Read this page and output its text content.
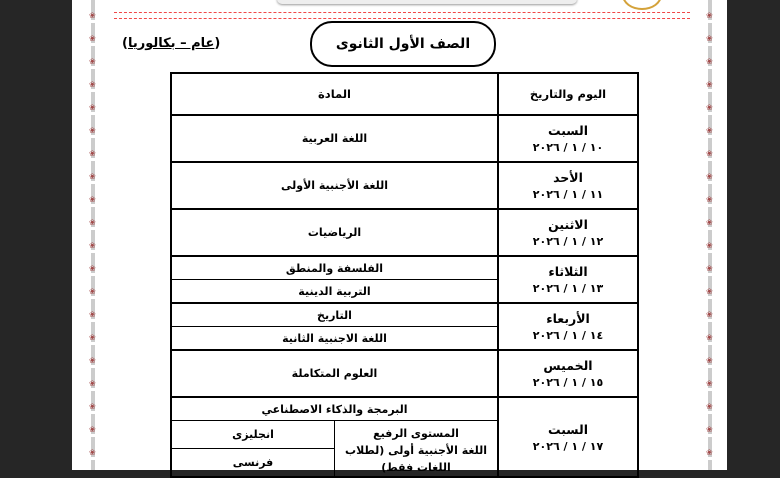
❀	❀
❀	❀
❀	❀
❀	❀
❀	❀
❀	❀
❀	❀
❀	❀
❀	❀
❀	❀
❀	❀
❀	❀
❀	❀
❀	❀
❀	❀
❀	❀
❀	❀
❀	❀
❀	❀
❀	❀
الصف الأول الثانوى
(عام – بكالوريا)
اليوم والتاريخ	المادة	

السبت
١٠ / ١ / ٢٠٢٦	اللغة العربية	

الأحد
١١ / ١ / ٢٠٢٦	اللغة الأجنبية الأولى	

الاثنين
١٢ / ١ / ٢٠٢٦	الرياضيات	

الثلاثاء
١٣ / ١ / ٢٠٢٦	الفلسفة والمنطق	
	التربية الدينية	

الأربعاء
١٤ / ١ / ٢٠٢٦	التاريخ	
	اللغة الاجنبية الثانية	

الخميس
١٥ / ١ / ٢٠٢٦	العلوم المتكاملة	

السبت
١٧ / ١ / ٢٠٢٦	البرمجة والذكاء الاصطناعي	

	المستوى الرفيع
اللغة الأجنبية أولى (لطلاب اللغات فقط)	انجليزى
		فرنسى
